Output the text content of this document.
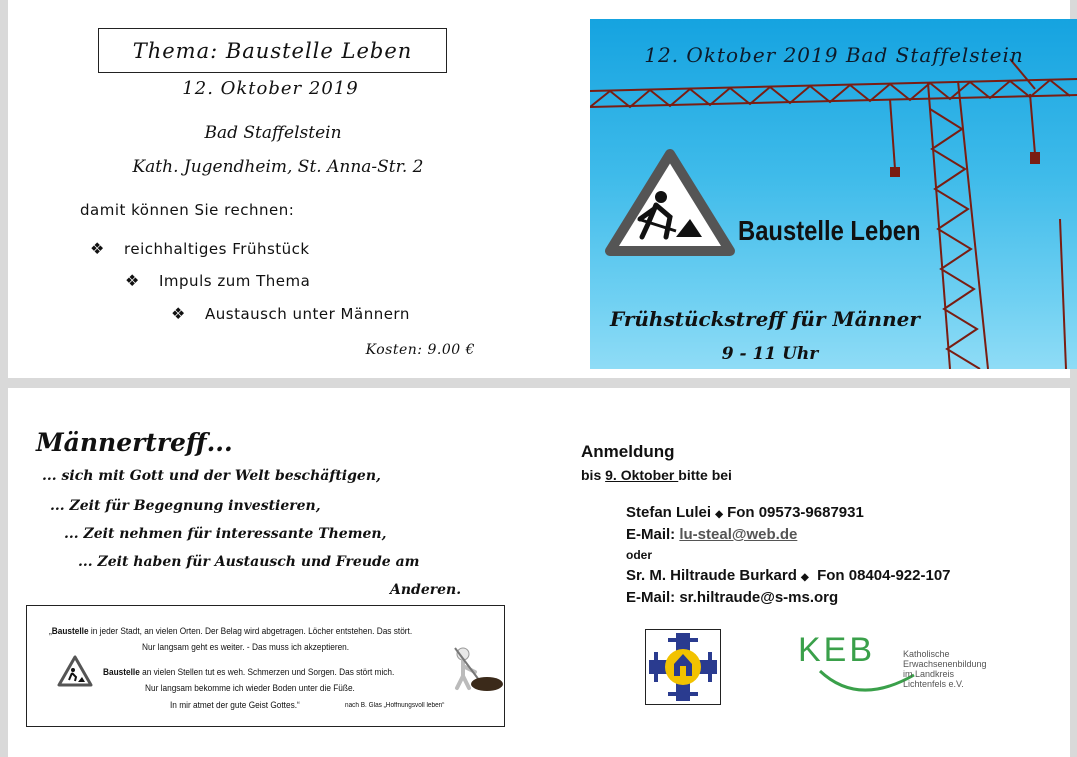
Thema: Baustelle Leben
12. Oktober 2019
Bad Staffelstein
Kath. Jugendheim, St. Anna-Str. 2
damit können Sie rechnen:
❖ reichhaltiges Frühstück
❖ Impuls zum Thema
❖ Austausch unter Männern
Kosten: 9.00 €
12. Oktober 2019 Bad Staffelstein
Baustelle Leben
Frühstückstreff für Männer
9 - 11 Uhr
Männertreff...
... sich mit Gott und der Welt beschäftigen,
... Zeit für Begegnung investieren,
... Zeit nehmen für interessante Themen,
... Zeit haben für Austausch und Freude am
Anderen.
„Baustelle in jeder Stadt, an vielen Orten. Der Belag wird abgetragen. Löcher entstehen. Das stört.
Nur langsam geht es weiter. - Das muss ich akzeptieren.
Baustelle an vielen Stellen tut es weh. Schmerzen und Sorgen. Das stört mich.
Nur langsam bekomme ich wieder Boden unter die Füße.
In mir atmet der gute Geist Gottes.“	nach B. Glas „Hoffnungsvoll leben“
Anmeldung
bis 9. Oktober bitte bei
Stefan Lulei ◆ Fon 09573-9687931
E-Mail: lu-steal@web.de
oder
Sr. M. Hiltraude Burkard ◆ Fon 08404-922-107
E-Mail: sr.hiltraude@s-ms.org
KEB	Katholische
Erwachsenenbildung
im Landkreis
Lichtenfels e.V.
